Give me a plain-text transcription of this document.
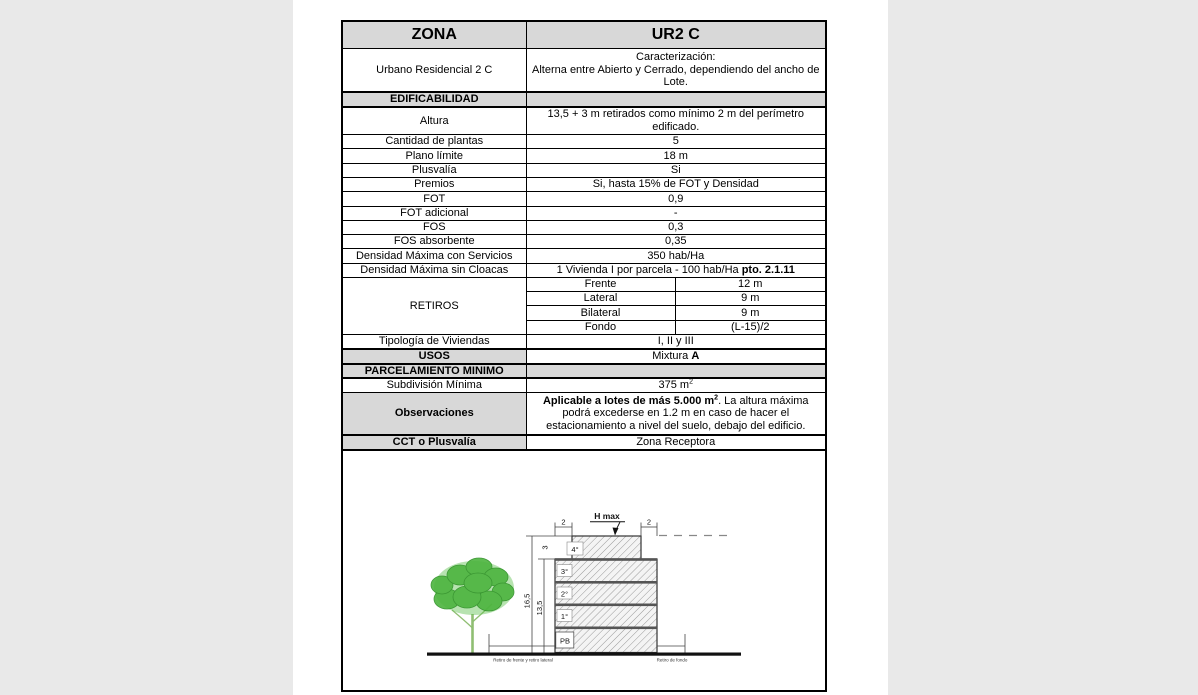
ZONA	UR2 C	
Urbano Residencial 2 C	Caracterización:
Alterna entre Abierto y Cerrado, dependiendo del ancho de Lote.	

EDIFICABILIDAD		
Altura	13,5 + 3 m retirados como mínimo 2 m del perímetro edificado.	
Cantidad de plantas	5	
Plano límite	18 m	
Plusvalía	Si	
Premios	Si, hasta 15% de FOT y Densidad	
FOT	0,9	
FOT adicional	-	
FOS	0,3	
FOS absorbente	0,35	
Densidad Máxima con Servicios	350 hab/Ha	
Densidad Máxima sin Cloacas	1 Vivienda I por parcela - 100 hab/Ha pto. 2.1.11	
RETIROS	Frente	12 m
	Lateral	9 m
	Bilateral	9 m
	Fondo	(L-15)/2
Tipología de Viviendas	I, II y III	
USOS	Mixtura A	
PARCELAMIENTO MINIMO		
Subdivisión Mínima	375 $m^2$
Observaciones	Aplicable a lotes de más 5.000 $m^2$. La altura máxima podrá excederse en 1.2 m en caso de hacer el estacionamiento a nivel del suelo, debajo del edificio.	
CCT o Plusvalía	Zona Receptora	

4°
3°
2°
1°
PB
H max
2	2
3
16,5 13,5
Retiro de frente y retiro lateral	Retiro de fondo
